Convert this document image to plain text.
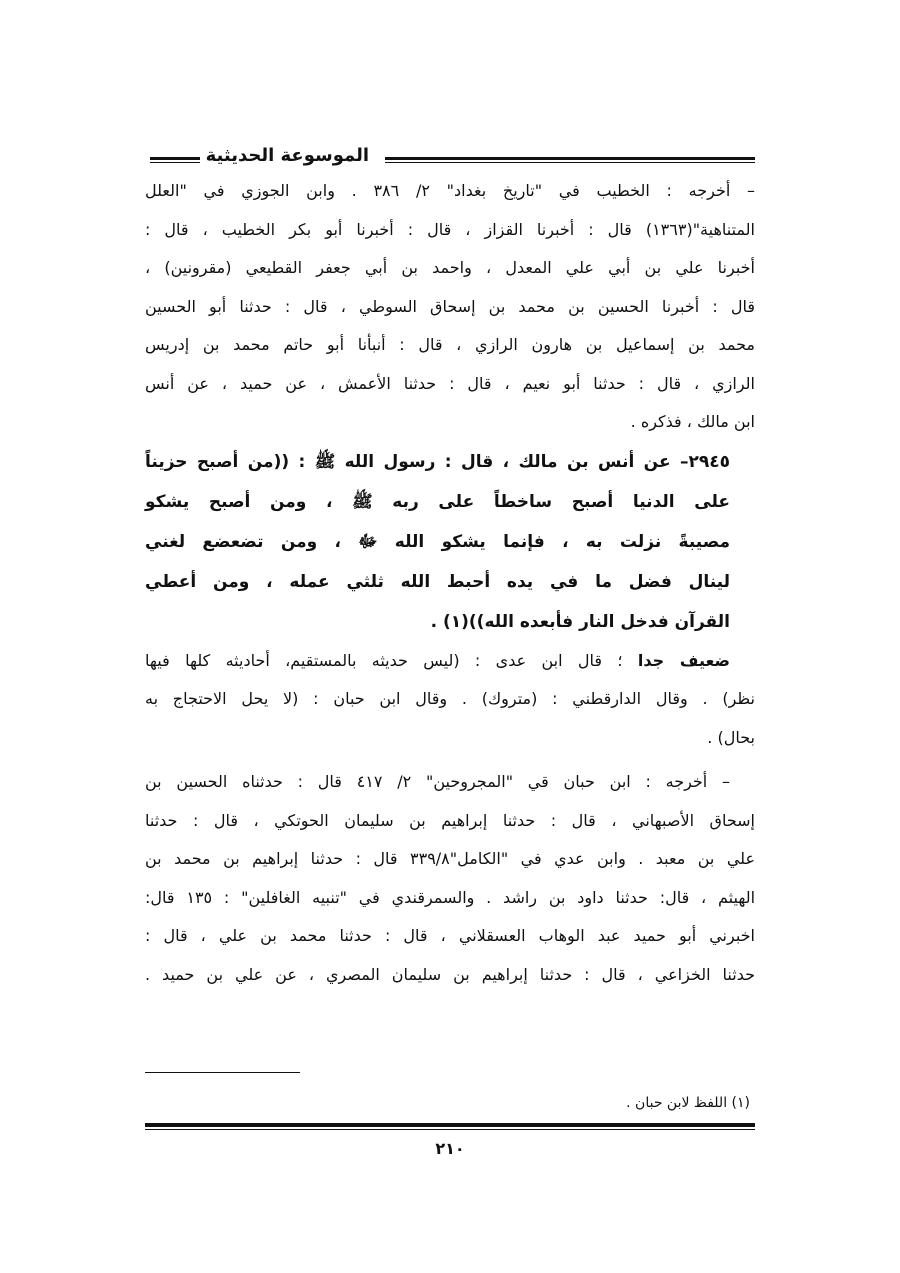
الموسوعة الحديثية
– أخرجه : الخطيب في "تاريخ بغداد" ٢/ ٣٨٦ . وابن الجوزي في "العلل
المتناهية"(١٣٦٣) قال : أخبرنا القزاز ، قال : أخبرنا أبو بكر الخطيب ، قال :
أخبرنا علي بن أبي علي المعدل ، واحمد بن أبي جعفر القطيعي (مقرونين) ،
قال : أخبرنا الحسين بن محمد بن إسحاق السوطي ، قال : حدثنا أبو الحسين
محمد بن إسماعيل بن هارون الرازي ، قال : أنبأنا أبو حاتم محمد بن إدريس
الرازي ، قال : حدثنا أبو نعيم ، قال : حدثنا الأعمش ، عن حميد ، عن أنس
ابن مالك ، فذكره .
٢٩٤٥– عن أنس بن مالك ، قال : رسول الله ﷺ : ((من أصبح حزيناً
على الدنيا أصبح ساخطاً على ربه ﷺ ، ومن أصبح يشكو
مصيبةً نزلت به ، فإنما يشكو الله ﷻ ، ومن تضعضع لغني
لينال فضل ما في يده أحبط الله ثلثي عمله ، ومن أعطي
القرآن فدخل النار فأبعده الله))(١) .
ضعيف جدا ؛ قال ابن عدى : (ليس حديثه بالمستقيم، أحاديثه كلها فيها
نظر) . وقال الدارقطني : (متروك) . وقال ابن حبان : (لا يحل الاحتجاج به
بحال) .
– أخرجه : ابن حبان قي "المجروحين" ٢/ ٤١٧ قال : حدثناه الحسين بن
إسحاق الأصبهاني ، قال : حدثنا إبراهيم بن سليمان الحوتكي ، قال : حدثنا
علي بن معبد . وابن عدي في "الكامل"٣٣٩/٨ قال : حدثنا إبراهيم بن محمد بن
الهيثم ، قال: حدثنا داود بن راشد . والسمرقندي في "تنبيه الغافلين" : ١٣٥ قال:
اخبرني أبو حميد عبد الوهاب العسقلاني ، قال : حدثنا محمد بن علي ، قال :
حدثنا الخزاعي ، قال : حدثنا إبراهيم بن سليمان المصري ، عن علي بن حميد .
(١) اللفظ لابن حبان .
٢١٠
